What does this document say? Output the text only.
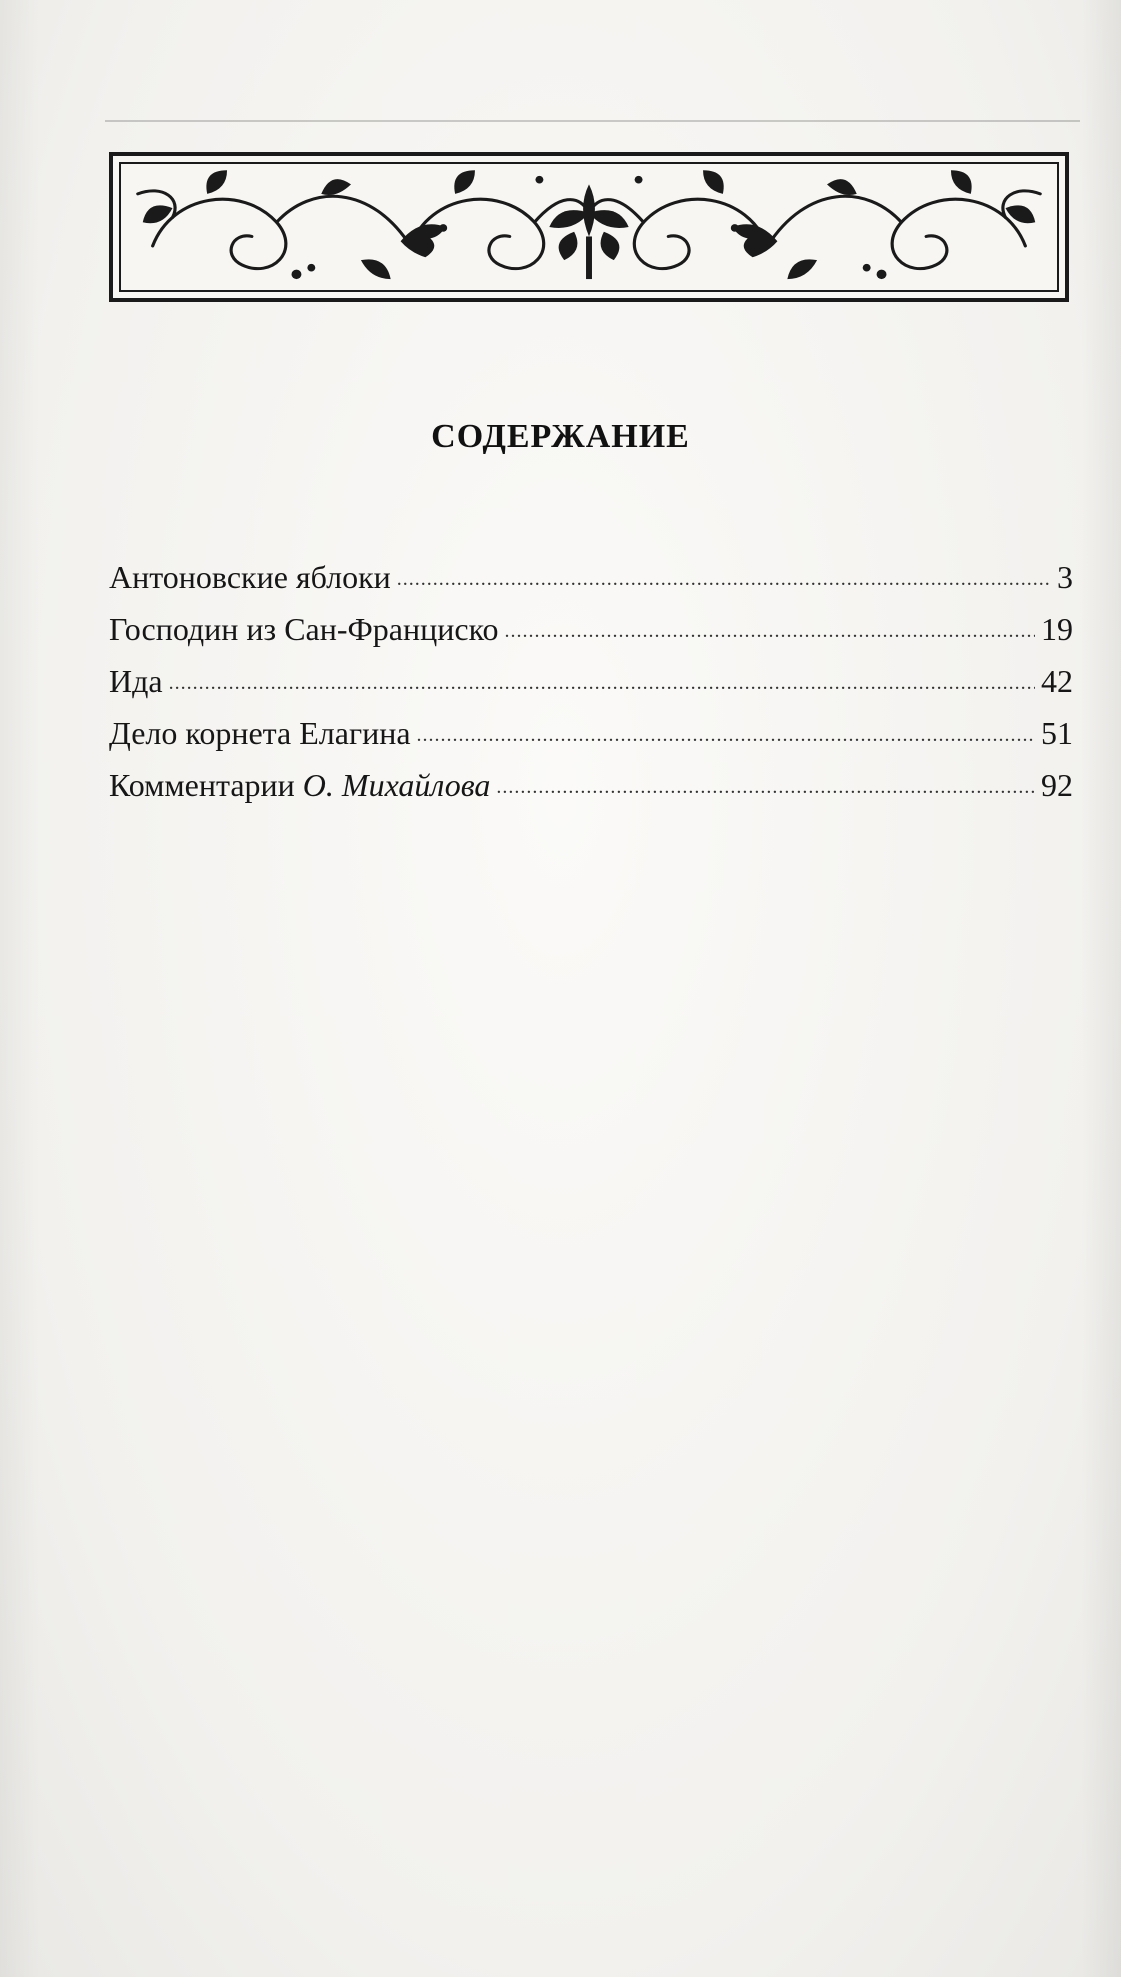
СОДЕРЖАНИЕ
Антоновские яблоки .....	3
Господин из Сан-Франциско .....	19
Ида .....	42
Дело корнета Елагина .....	51
Комментарии О. Михайлова .....	92
